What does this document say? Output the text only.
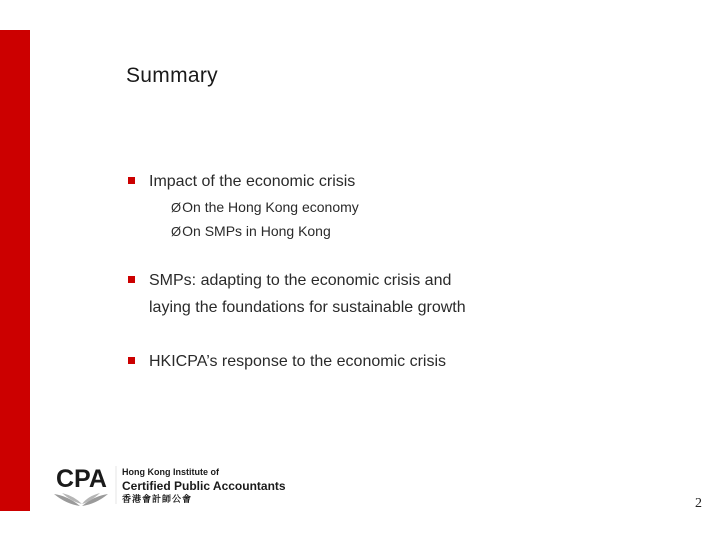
Summary
Impact of the economic crisis
ØOn the Hong Kong economy
ØOn SMPs in Hong Kong
SMPs: adapting to the economic crisis and
laying the foundations for sustainable growth
HKICPA’s response to the economic crisis
CPA Hong Kong Institute of
Certified Public Accountants
香港會計師公會	2
